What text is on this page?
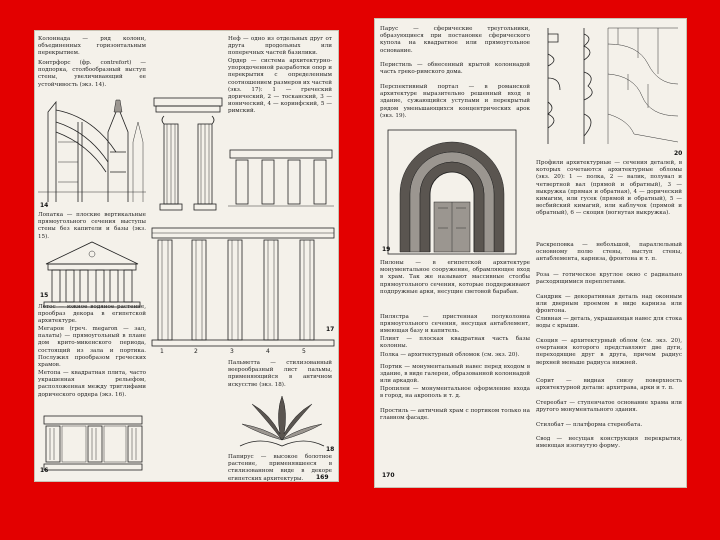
Колоннада — ряд колонн, объединенных горизонтальным перекрытием.
Контрфорс (фр. contrefort) — подпорка, столбообразный выступ стены, увеличивающий ее устойчивость (экз. 14).
14
Лопатка — плоские вертикальные прямоугольного сечения выступы стены без капители и базы (экз. 15).
15
Лотос — южное водяное растение, прообраз декора в египетской архитектуре.
Мегарон (греч. megaron — зал, палаты) — прямоугольный в плане дом крито-микенского периода, состоящий из зала и портика. Послужил прообразом греческих храмов.
Метопа — квадратная плита, часто украшенная рельефом, расположенная между триглифами дорического ордера (экз. 16).
16
Неф — одно из отдельных друг от друга продольных или поперечных частей базилики.
Ордер — система архитектурно-упорядоченной разработки опор и перекрытия с определенным соотношением размеров их частей (экз. 17): 1 — греческий дорический, 2 — тосканский, 3 — ионический, 4 — коринфский, 5 — римский.
1	2	3	4	5
17
Пальметта — стилизованный веерообразный лист пальмы, применяющийся в античном искусстве (экз. 18).
18
Папирус — высокое болотное растение, применявшееся в стилизованном виде в декоре египетских архитектуры.	169
Парус — сферические треугольники, образующиеся при постановке сферического купола на квадратное или прямоугольное основание.
Перистиль — обнесенный крытой колоннадой часть греко-римского дома.
Перспективный портал — в романской архитектуре выразительно решенный вход в здание, сужающийся уступами и перекрытый рядом уменьшающихся концентрических арок (экз. 19).
19
Пилоны — в египетской архитектуре монументальное сооружение, обрамляющее вход в храм. Так же называют массивные столбы прямоугольного сечения, которые поддерживают подпружные арки, несущие световой барабан.
Пилястра — пристенная полуколонна прямоугольного сечения, несущая антаблемент, имеющая базу и капитель.
Плинт — плоская квадратная часть базы колонны.
Полка — архитектурный обломок (см. экз. 20).
Портик — монументальный навес перед входом в здание, в виде галереи, образованной колоннадой или аркадой.
Пропилеи — монументальное оформление входа в город, на акрополь и т. д.
Простиль — античный храм с портиком только на главном фасаде.
20
Профили архитектурные — сечения деталей, в которых сочетаются архитектурные обломы (экз. 20): 1 — полка, 2 — валик, полувал и четвертной вал (прямой и обратный), 3 — выкружка (прямая и обратная), 4 — дорический кимагим, или гусек (прямой и обратный), 5 — весбийский кимагий, или каблучок (прямой и обратный), 6 — скоция (вогнутая выкружка).
Раскреповка — небольшой, параллельный основному полю стены, выступ стены, антаблемента, карниза, фронтона и т. п.
Роза — готическое круглое окно с радиально расходящимися переплетами.
Сандрик — декоративная деталь над оконным или дверным проемом в виде карниза или фронтона.
Сливная — деталь, украшающая навес для стока воды с крыши.
Скоция — архитектурный облом (см. экз. 20), очертания которого представляют две дуги, переходящие друг в друга, причем радиус верхней меньше радиуса нижней.
Сорит — видная снизу поверхность архитектурной детали: архитрава, арки и т. п.
Стереобат — ступенчатое основание храма или другого монументального здания.
Стилобат — платформа стереобата.
Свод — несущая конструкция перекрытия, имеющая изогнутую форму.
170
